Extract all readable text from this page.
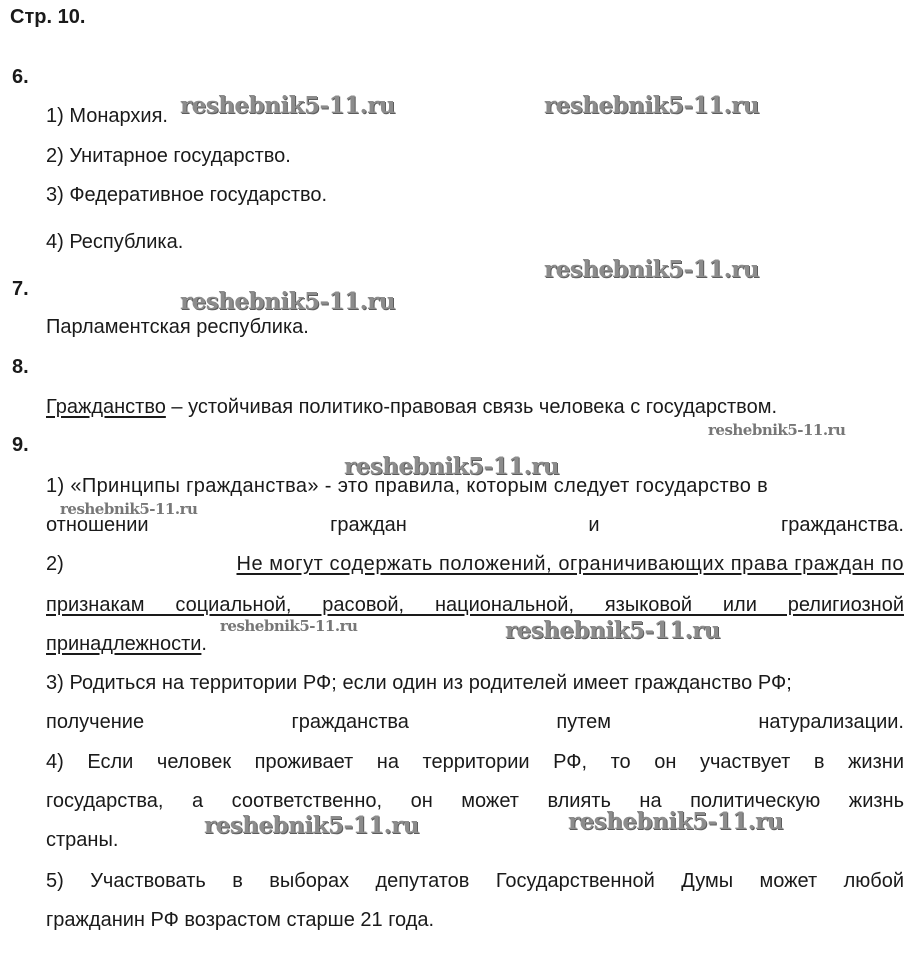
Стр. 10.
6.
1) Монархия.
2) Унитарное государство.
3) Федеративное государство.
4) Республика.
7.
Парламентская республика.
8.
Гражданство – устойчивая политико-правовая связь человека с государством.
9.
1) «Принципы гражданства» - это правила, которым следует государство в
отношении	граждан	и	гражданства.
2)	Не могут содержать положений, ограничивающих права граждан по
признакам социальной, расовой, национальной, языковой или религиозной
принадлежности.
3) Родиться на территории РФ; если один из родителей имеет гражданство РФ;
получение	гражданства	путем	натурализации.
4) Если человек проживает на территории РФ, то он участвует в жизни
государства, а соответственно, он может влиять на политическую жизнь
страны.
5) Участвовать в выборах депутатов Государственной Думы может любой
гражданин РФ возрастом старше 21 года.
reshebnik5-11.ru	reshebnik5-11.ru
reshebnik5-11.ru
reshebnik5-11.ru
reshebnik5-11.ru
reshebnik5-11.ru
reshebnik5-11.ru
reshebnik5-11.ru	reshebnik5-11.ru
reshebnik5-11.ru	reshebnik5-11.ru
